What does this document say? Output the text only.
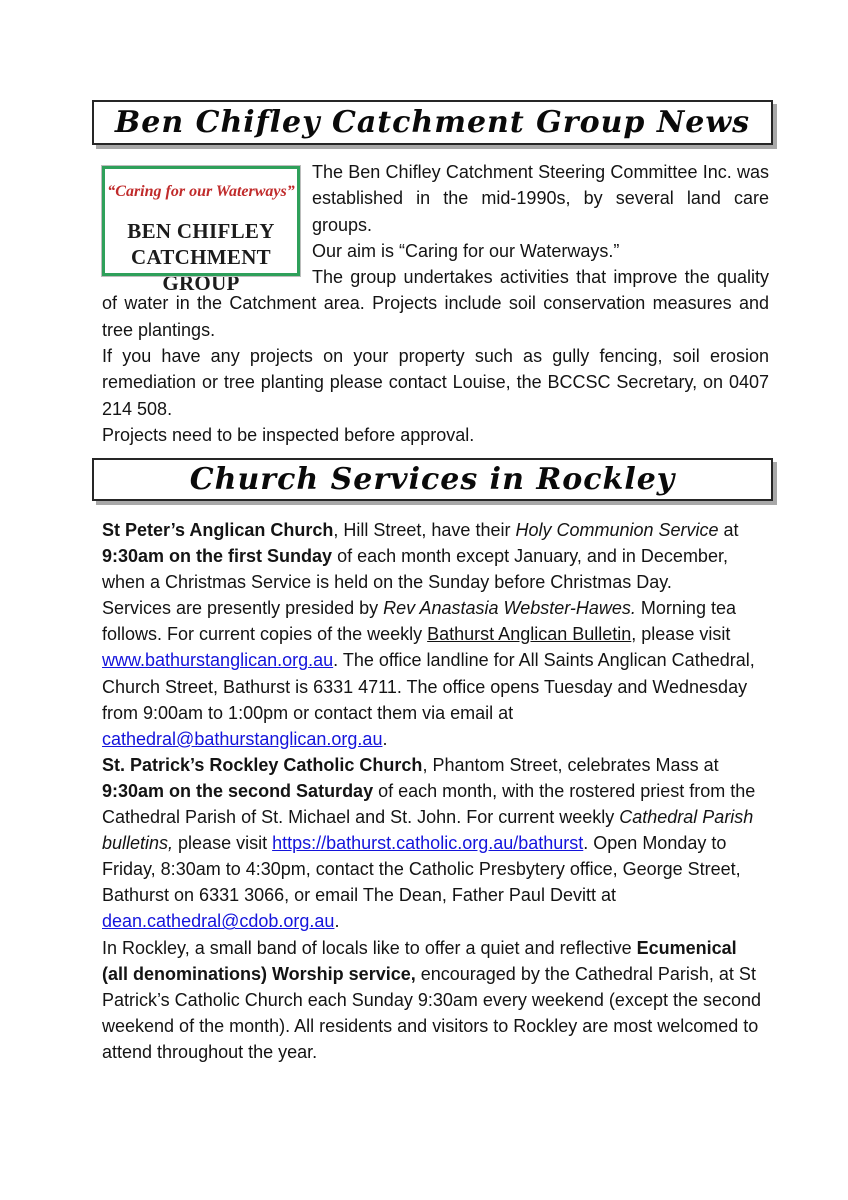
Ben Chifley Catchment Group News
“Caring for our Waterways”
BEN CHIFLEY
CATCHMENT GROUP

The Ben Chifley Catchment Steering Committee Inc. was established in the mid-1990s, by several land care groups.

Our aim is “Caring for our Waterways.”

The group undertakes activities that improve the quality of water in the Catchment area. Projects include soil conservation measures and tree plantings.

If you have any projects on your property such as gully fencing, soil erosion remediation or tree planting please contact Louise, the BCCSC Secretary, on 0407 214 508.

Projects need to be inspected before approval.

Church Services in Rockley

St Peter’s Anglican Church, Hill Street, have their Holy Communion Service at 9:30am on the first Sunday of each month except January, and in December, when a Christmas Service is held on the Sunday before Christmas Day.

Services are presently presided by Rev Anastasia Webster-Hawes. Morning tea follows. For current copies of the weekly Bathurst Anglican Bulletin, please visit www.bathurstanglican.org.au. The office landline for All Saints Anglican Cathedral, Church Street, Bathurst is 6331 4711. The office opens Tuesday and Wednesday from 9:00am to 1:00pm or contact them via email at cathedral@bathurstanglican.org.au.

St. Patrick’s Rockley Catholic Church, Phantom Street, celebrates Mass at 9:30am on the second Saturday of each month, with the rostered priest from the Cathedral Parish of St. Michael and St. John. For current weekly Cathedral Parish bulletins, please visit https://bathurst.catholic.org.au/bathurst. Open Monday to Friday, 8:30am to 4:30pm, contact the Catholic Presbytery office, George Street, Bathurst on 6331 3066, or email The Dean, Father Paul Devitt at dean.cathedral@cdob.org.au.

In Rockley, a small band of locals like to offer a quiet and reflective Ecumenical (all denominations) Worship service, encouraged by the Cathedral Parish, at St Patrick’s Catholic Church each Sunday 9:30am every weekend (except the second weekend of the month). All residents and visitors to Rockley are most welcomed to attend throughout the year.
